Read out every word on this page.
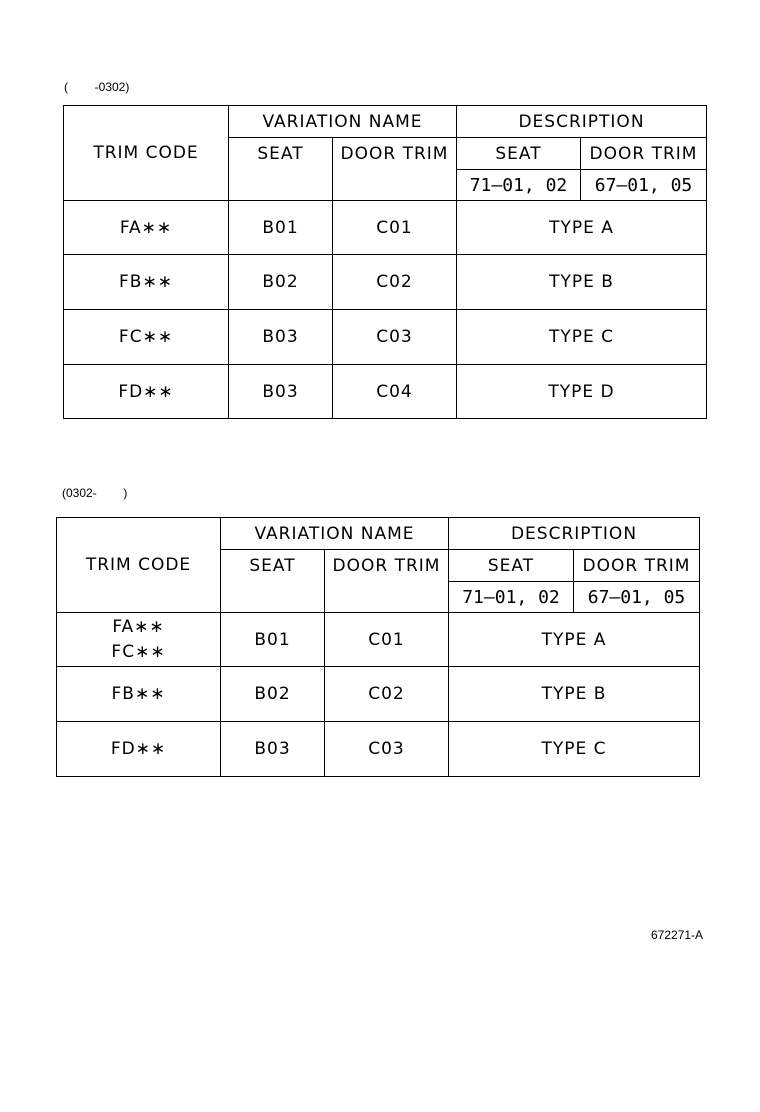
(        -0302)
TRIM CODE	VARIATION NAME		DESCRIPTION	
	SEAT	DOOR TRIM	SEAT	DOOR TRIM
			71–01, 02	67–01, 05
FA∗∗	B01	C01	TYPE A	
FB∗∗	B02	C02	TYPE B	
FC∗∗	B03	C03	TYPE C	
FD∗∗	B03	C04	TYPE D	
(0302-        )
TRIM CODE	VARIATION NAME		DESCRIPTION	
	SEAT	DOOR TRIM	SEAT	DOOR TRIM
			71–01, 02	67–01, 05

FA∗∗
FC∗∗	B01	C01	TYPE A	
FB∗∗	B02	C02	TYPE B	
FD∗∗	B03	C03	TYPE C	
672271-A
